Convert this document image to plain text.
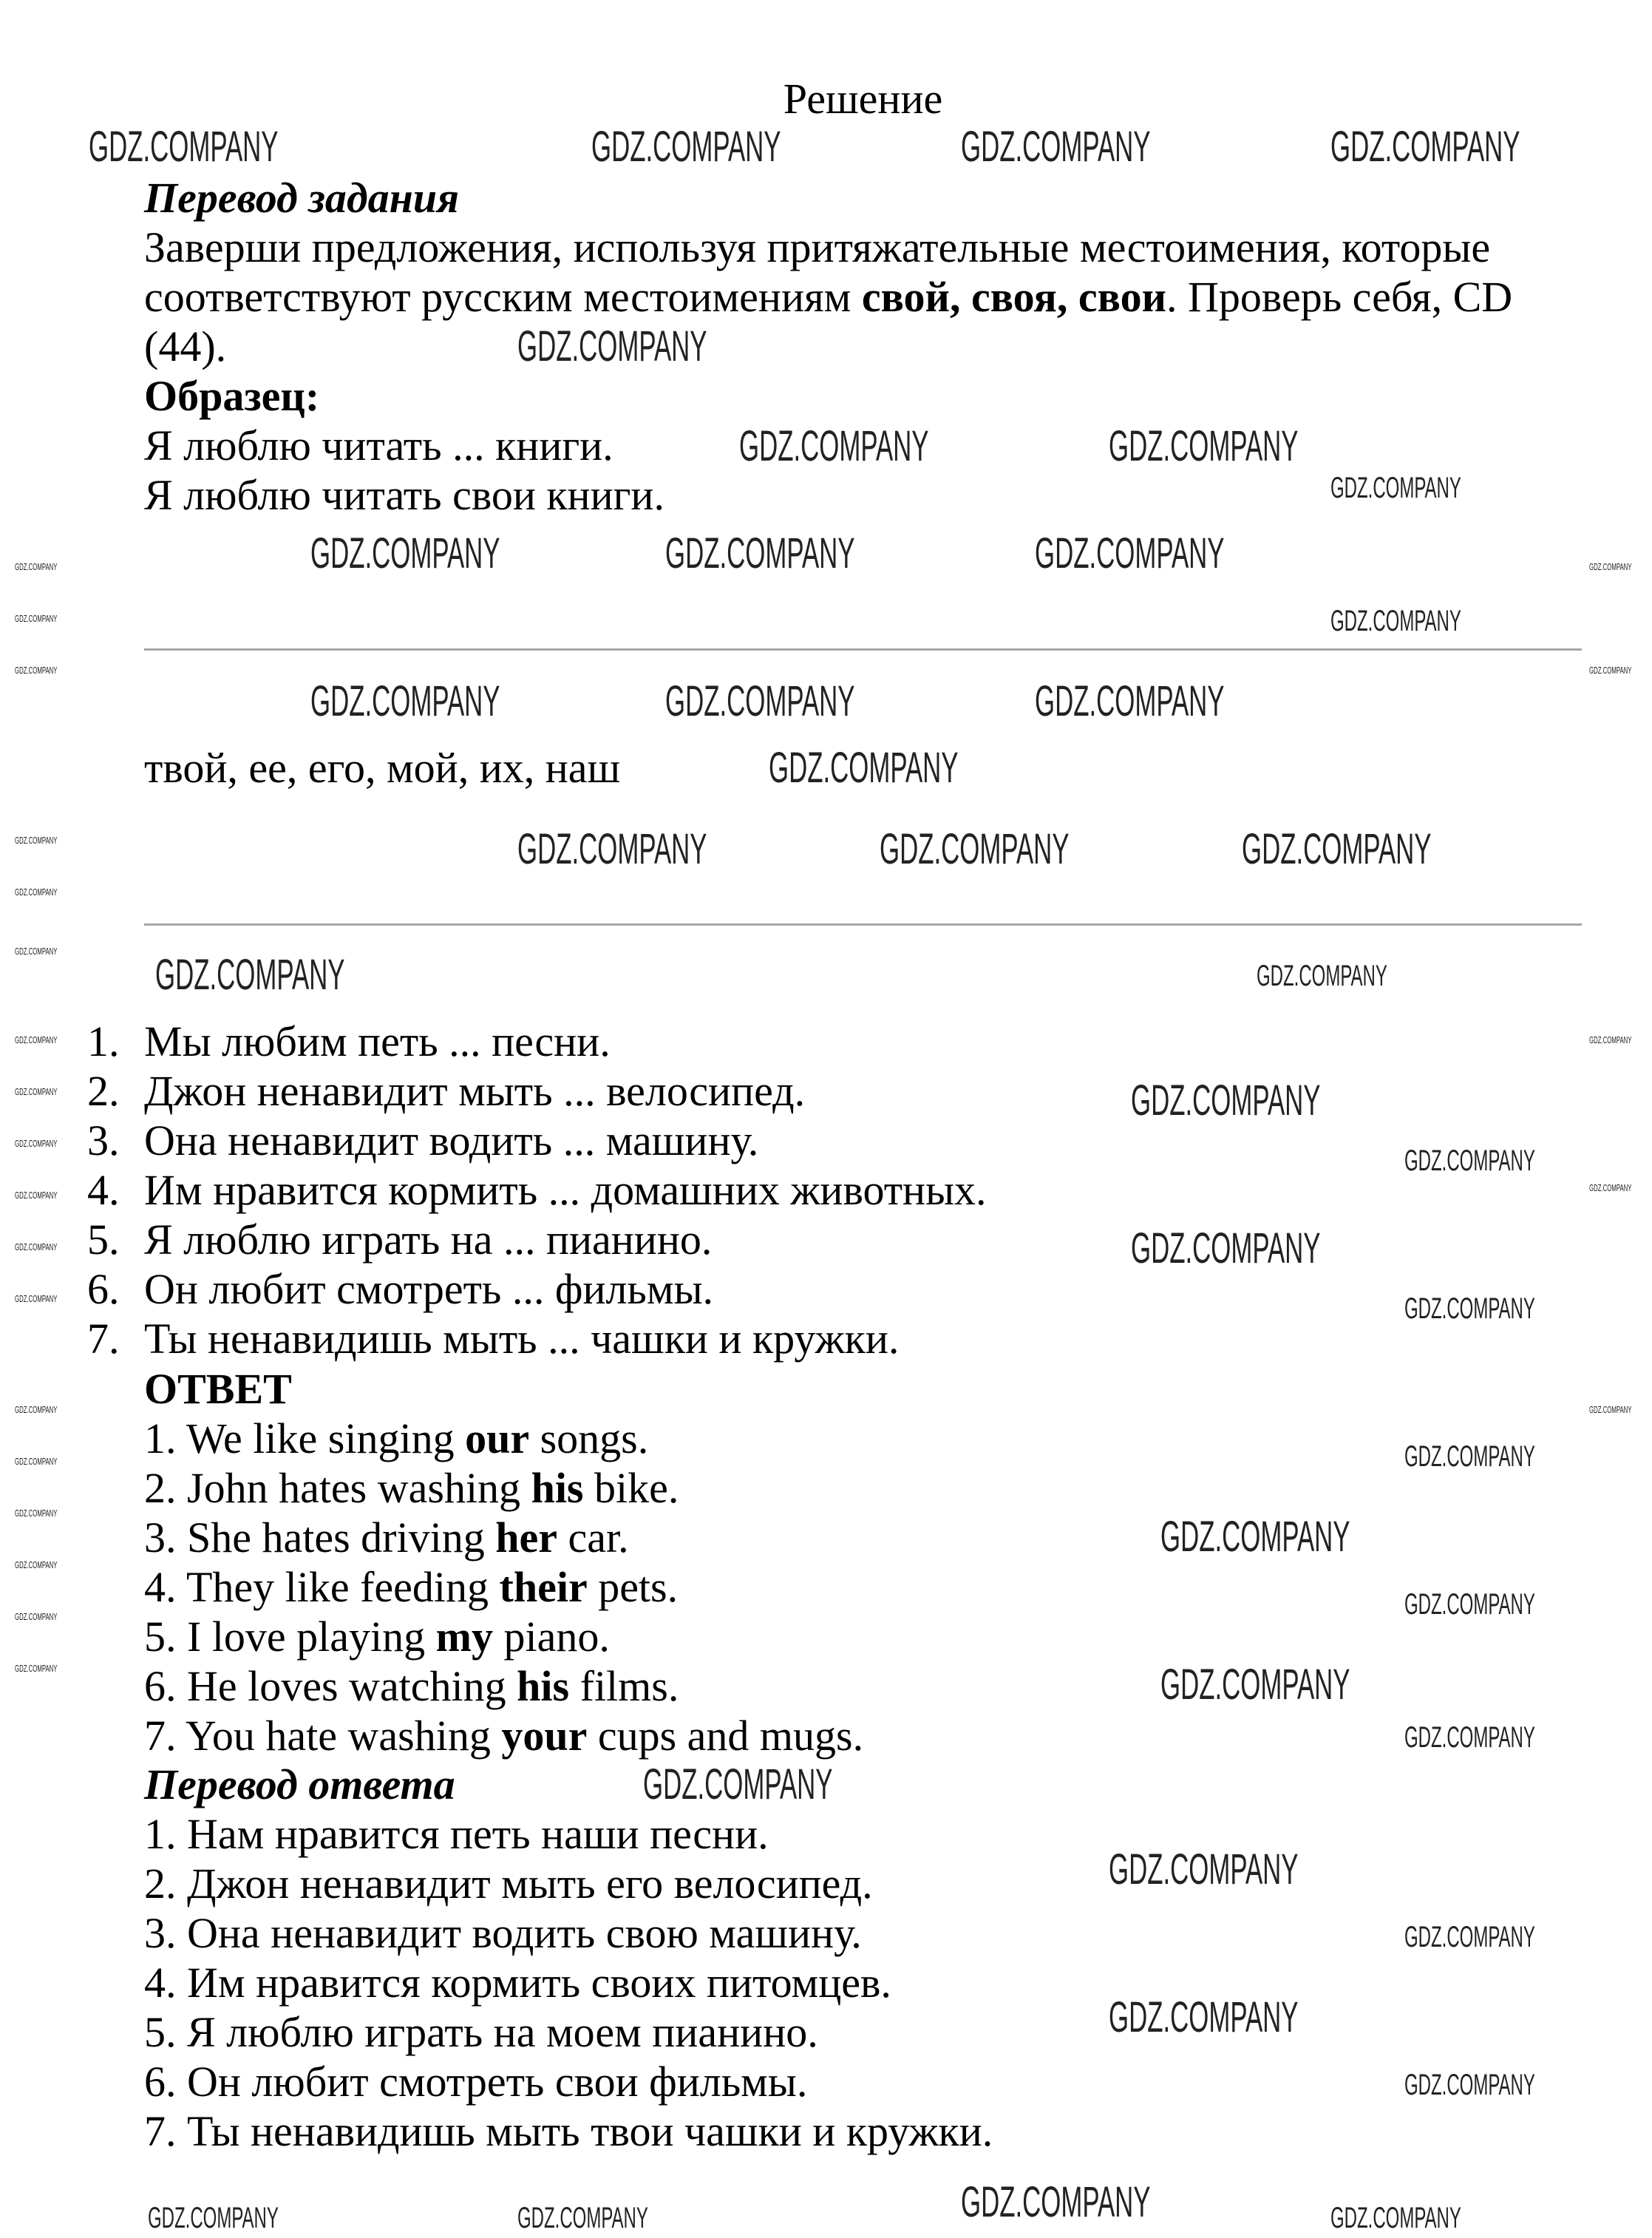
Решение
Перевод задания
Заверши предложения, используя притяжательные местоимения, которые
соответствуют русским местоимениям свой, своя, свои. Проверь себя, CD
(44).
Образец:
Я люблю читать ... книги.
Я люблю читать свои книги.
твой, ее, его, мой, их, наш
1. Мы любим петь ... песни.
2. Джон ненавидит мыть ... велосипед.
3. Она ненавидит водить ... машину.
4. Им нравится кормить ... домашних животных.
5. Я люблю играть на ... пианино.
6. Он любит смотреть ... фильмы.
7. Ты ненавидишь мыть ... чашки и кружки.
ОТВЕТ
1. We like singing our songs.
2. John hates washing his bike.
3. She hates driving her car.
4. They like feeding their pets.
5. I love playing my piano.
6. He loves watching his films.
7. You hate washing your cups and mugs.
Перевод ответа
1. Нам нравится петь наши песни.
2. Джон ненавидит мыть его велосипед.
3. Она ненавидит водить свою машину.
4. Им нравится кормить своих питомцев.
5. Я люблю играть на моем пианино.
6. Он любит смотреть свои фильмы.
7. Ты ненавидишь мыть твои чашки и кружки.
GDZ.COMPANY	GDZ.COMPANY	GDZ.COMPANY	GDZ.COMPANY
GDZ.COMPANY
GDZ.COMPANY	GDZ.COMPANY
GDZ.COMPANY	GDZ.COMPANY	GDZ.COMPANY
GDZ.COMPANY	GDZ.COMPANY	GDZ.COMPANY
GDZ.COMPANY	GDZ.COMPANY	GDZ.COMPANY
GDZ.COMPANY
GDZ.COMPANY
GDZ.COMPANY
GDZ.COMPANY
GDZ.COMPANY
GDZ.COMPANY
GDZ.COMPANY
GDZ.COMPANY
GDZ.COMPANY
GDZ.COMPANY
GDZ.COMPANY
GDZ.COMPANY
GDZ.COMPANY
GDZ.COMPANY
GDZ.COMPANY
GDZ.COMPANY
GDZ.COMPANY
GDZ.COMPANY
GDZ.COMPANY
GDZ.COMPANY
GDZ.COMPANY	GDZ.COMPANY	GDZ.COMPANY
GDZ.COMPANY
GDZ.COMPANY
GDZ.COMPANY
GDZ.COMPANY
GDZ.COMPANY
GDZ.COMPANY
GDZ.COMPANY
GDZ.COMPANY
GDZ.COMPANY
GDZ.COMPANY
GDZ.COMPANY
GDZ.COMPANY
GDZ.COMPANY
GDZ.COMPANY
GDZ.COMPANY
GDZ.COMPANY
GDZ.COMPANY
GDZ.COMPANY
GDZ.COMPANY
GDZ.COMPANY
GDZ.COMPANY
GDZ.COMPANY
GDZ.COMPANY
